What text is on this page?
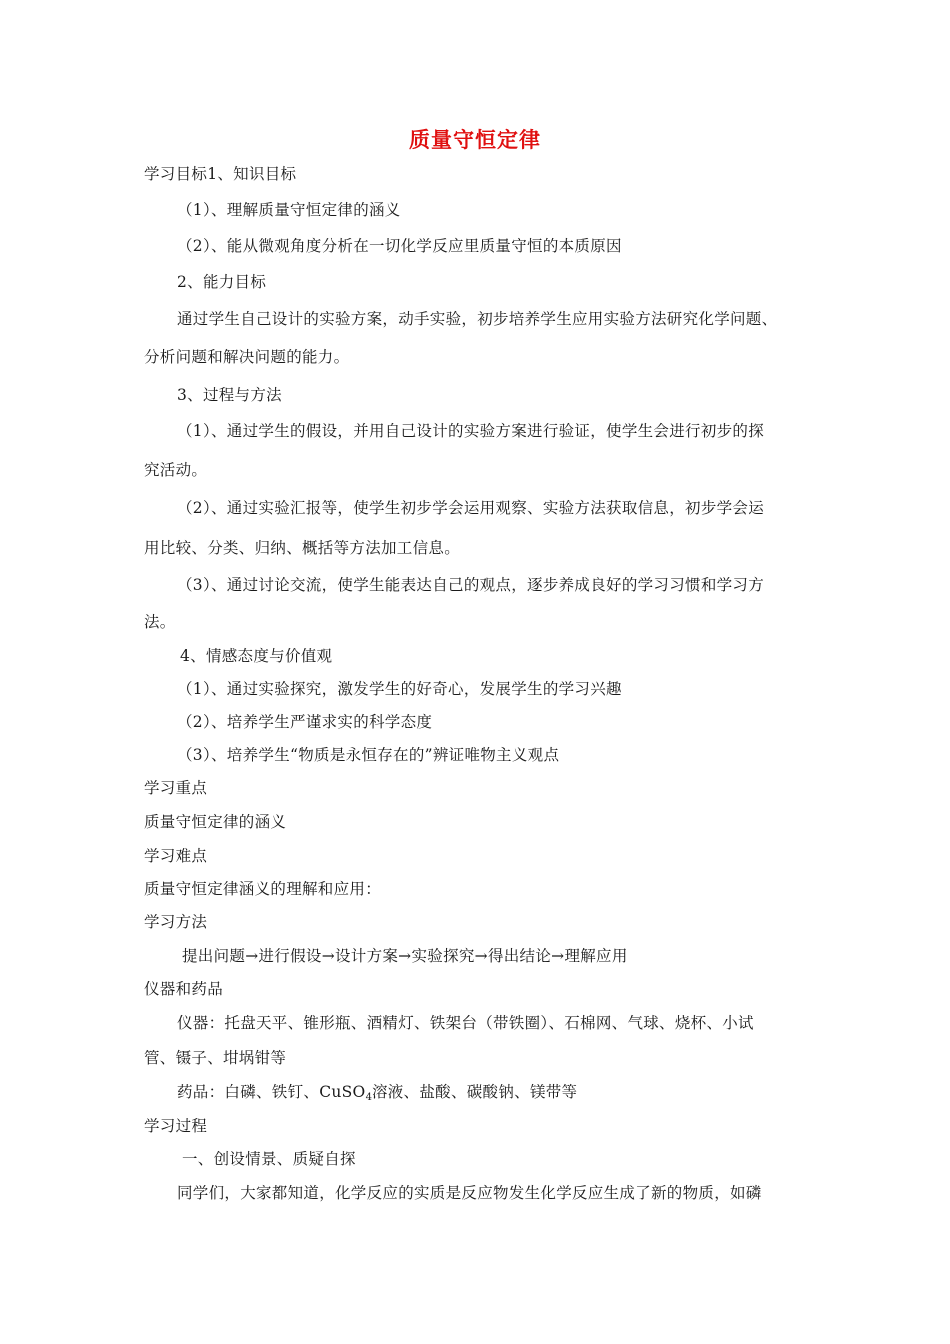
质量守恒定律
学习目标1、知识目标
（1）、理解质量守恒定律的涵义
（2）、能从微观角度分析在一切化学反应里质量守恒的本质原因
2、能力目标
通过学生自己设计的实验方案，动手实验，初步培养学生应用实验方法研究化学问题、
分析问题和解决问题的能力。
3、过程与方法
（1）、通过学生的假设，并用自己设计的实验方案进行验证，使学生会进行初步的探
究活动。
（2）、通过实验汇报等，使学生初步学会运用观察、实验方法获取信息，初步学会运
用比较、分类、归纳、概括等方法加工信息。
（3）、通过讨论交流，使学生能表达自己的观点，逐步养成良好的学习习惯和学习方
法。
4、情感态度与价值观
（1）、通过实验探究，激发学生的好奇心，发展学生的学习兴趣
（2）、培养学生严谨求实的科学态度
（3）、培养学生“物质是永恒存在的”辨证唯物主义观点
学习重点
质量守恒定律的涵义
学习难点
质量守恒定律涵义的理解和应用：
学习方法
提出问题→进行假设→设计方案→实验探究→得出结论→理解应用
仪器和药品
仪器：托盘天平、锥形瓶、酒精灯、铁架台（带铁圈）、石棉网、气球、烧杯、小试
管、镊子、坩埚钳等
药品：白磷、铁钉、CuSO$_4$溶液、盐酸、碳酸钠、镁带等
学习过程
一、创设情景、质疑自探
同学们，大家都知道，化学反应的实质是反应物发生化学反应生成了新的物质，如磷
